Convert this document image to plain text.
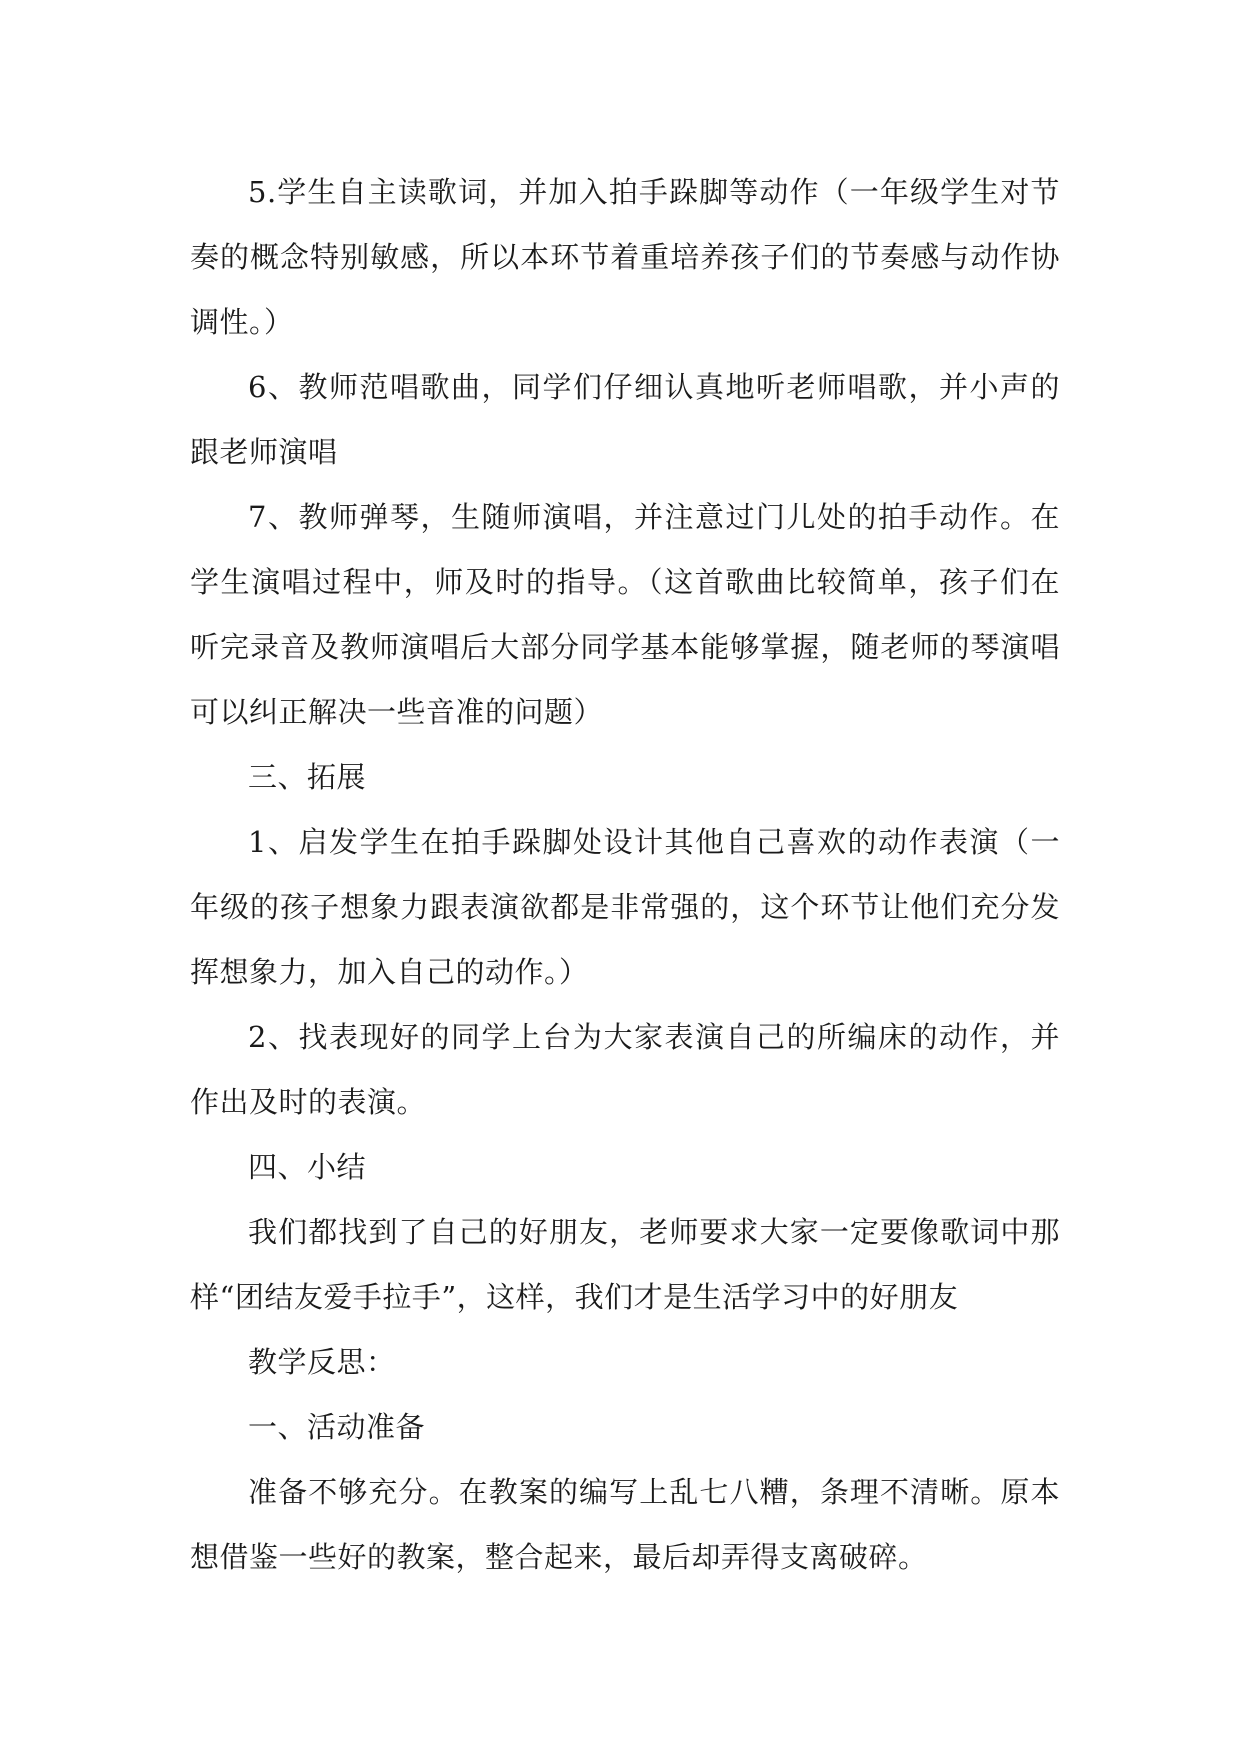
5.学生自主读歌词，并加入拍手跺脚等动作（一年级学生对节奏的概念特别敏感，所以本环节着重培养孩子们的节奏感与动作协调性。）

6、教师范唱歌曲，同学们仔细认真地听老师唱歌，并小声的跟老师演唱

7、教师弹琴，生随师演唱，并注意过门儿处的拍手动作。在学生演唱过程中，师及时的指导。（这首歌曲比较简单，孩子们在听完录音及教师演唱后大部分同学基本能够掌握，随老师的琴演唱可以纠正解决一些音准的问题）

三、拓展

1、启发学生在拍手跺脚处设计其他自己喜欢的动作表演（一年级的孩子想象力跟表演欲都是非常强的，这个环节让他们充分发挥想象力，加入自己的动作。）

2、找表现好的同学上台为大家表演自己的所编床的动作，并作出及时的表演。

四、小结

我们都找到了自己的好朋友，老师要求大家一定要像歌词中那样“团结友爱手拉手”，这样，我们才是生活学习中的好朋友

教学反思：

一、活动准备

准备不够充分。在教案的编写上乱七八糟，条理不清晰。原本想借鉴一些好的教案，整合起来，最后却弄得支离破碎。
